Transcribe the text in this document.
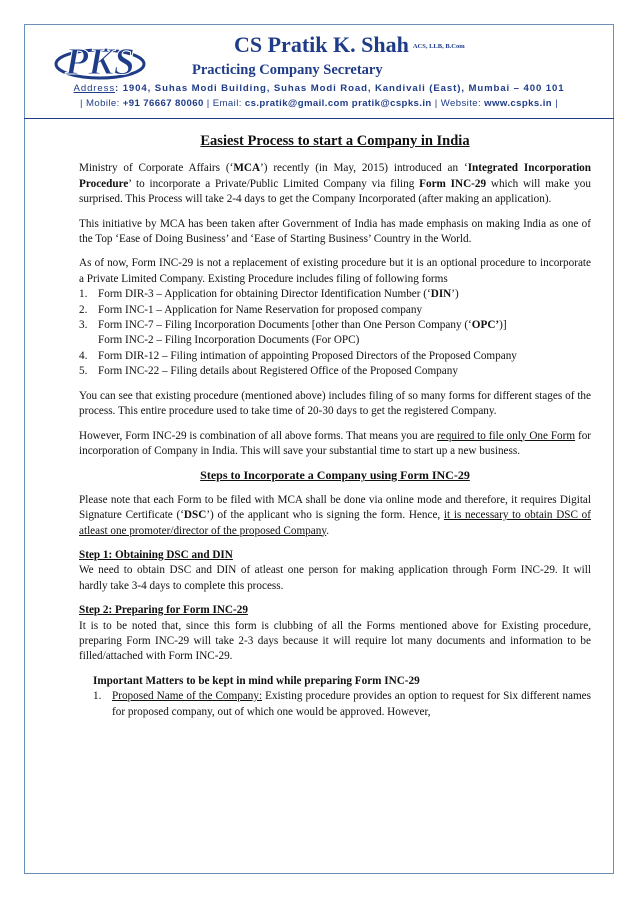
PKS	CS Pratik K. Shah ACS, LLB, B.Com
Practicing Company Secretary
Address: 1904, Suhas Modi Building, Suhas Modi Road, Kandivali (East), Mumbai – 400 101
| Mobile: +91 76667 80060 | Email: cs.pratik@gmail.com pratik@cspks.in | Website: www.cspks.in |
Easiest Process to start a Company in India

Ministry of Corporate Affairs (‘MCA’) recently (in May, 2015) introduced an ‘Integrated Incorporation Procedure’ to incorporate a Private/Public Limited Company via filing Form INC-29 which will make you surprised. This Process will take 2-4 days to get the Company Incorporated (after making an application).

This initiative by MCA has been taken after Government of India has made emphasis on making India as one of the Top ‘Ease of Doing Business’ and ‘Ease of Starting Business’ Country in the World.

As of now, Form INC-29 is not a replacement of existing procedure but it is an optional procedure to incorporate a Private Limited Company. Existing Procedure includes filing of following forms

1. Form DIR-3 – Application for obtaining Director Identification Number (‘DIN’)
2. Form INC-1 – Application for Name Reservation for proposed company
3. Form INC-7 – Filing Incorporation Documents [other than One Person Company (‘OPC’)]
Form INC-2 – Filing Incorporation Documents (For OPC)
4. Form DIR-12 – Filing intimation of appointing Proposed Directors of the Proposed Company
5. Form INC-22 – Filing details about Registered Office of the Proposed Company

You can see that existing procedure (mentioned above) includes filing of so many forms for different stages of the process. This entire procedure used to take time of 20-30 days to get the registered Company.

However, Form INC-29 is combination of all above forms. That means you are required to file only One Form for incorporation of Company in India. This will save your substantial time to start up a new business.

Steps to Incorporate a Company using Form INC-29

Please note that each Form to be filed with MCA shall be done via online mode and therefore, it requires Digital Signature Certificate (‘DSC’) of the applicant who is signing the form. Hence, it is necessary to obtain DSC of atleast one promoter/director of the proposed Company.

Step 1: Obtaining DSC and DIN
We need to obtain DSC and DIN of atleast one person for making application through Form INC-29. It will hardly take 3-4 days to complete this process.

Step 2: Preparing for Form INC-29
It is to be noted that, since this form is clubbing of all the Forms mentioned above for Existing procedure, preparing Form INC-29 will take 2-3 days because it will require lot many documents and information to be filled/attached with Form INC-29.

Important Matters to be kept in mind while preparing Form INC-29
1. Proposed Name of the Company: Existing procedure provides an option to request for Six different names for proposed company, out of which one would be approved. However,
